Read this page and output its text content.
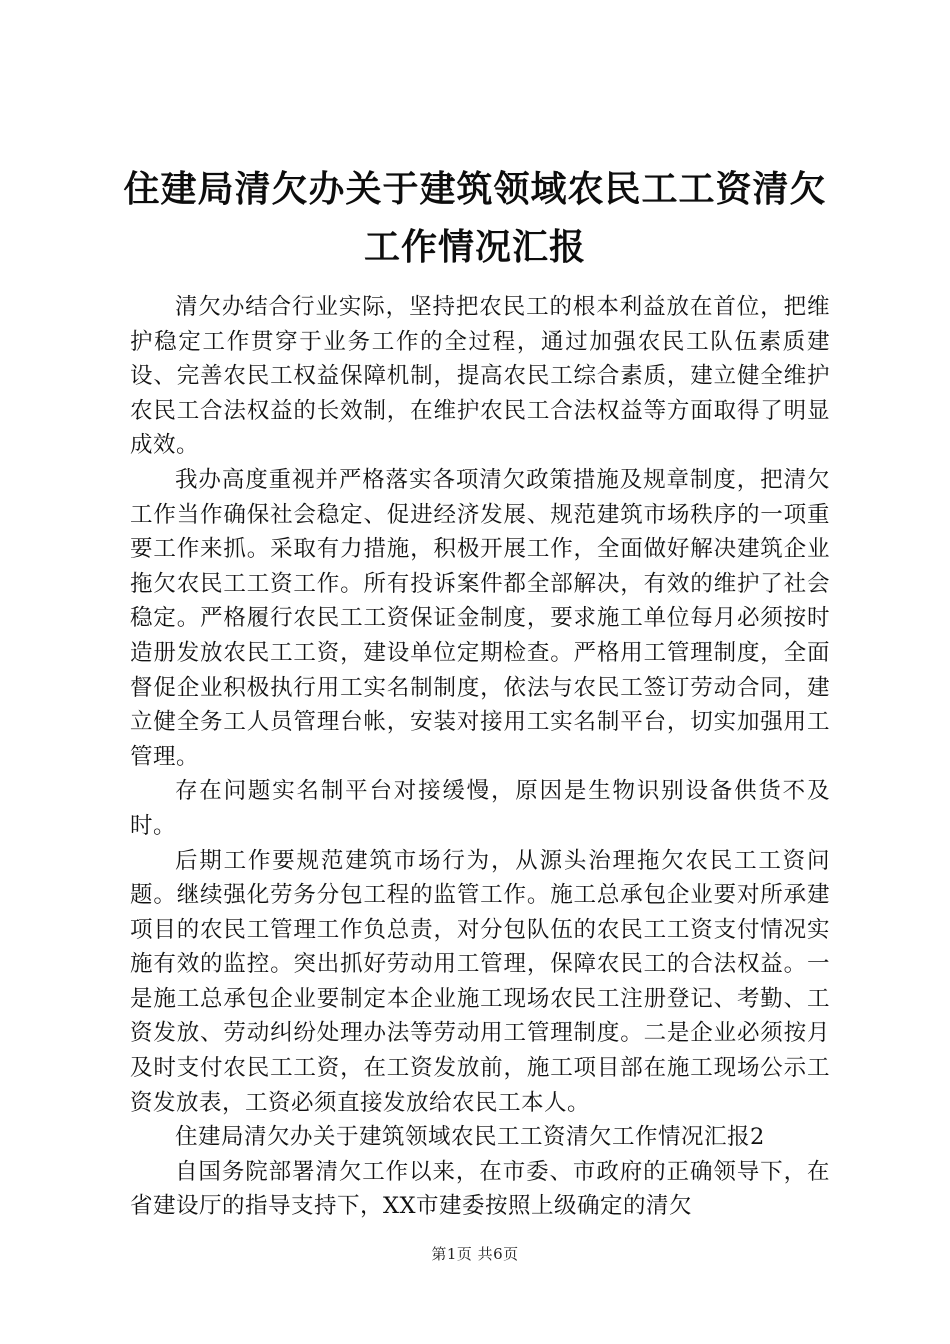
住建局清欠办关于建筑领域农民工工资清欠工作情况汇报

清欠办结合行业实际，坚持把农民工的根本利益放在首位，把维护稳定工作贯穿于业务工作的全过程，通过加强农民工队伍素质建设、完善农民工权益保障机制，提高农民工综合素质，建立健全维护农民工合法权益的长效制，在维护农民工合法权益等方面取得了明显成效。

我办高度重视并严格落实各项清欠政策措施及规章制度，把清欠工作当作确保社会稳定、促进经济发展、规范建筑市场秩序的一项重要工作来抓。采取有力措施，积极开展工作，全面做好解决建筑企业拖欠农民工工资工作。所有投诉案件都全部解决，有效的维护了社会稳定。严格履行农民工工资保证金制度，要求施工单位每月必须按时造册发放农民工工资，建设单位定期检查。严格用工管理制度，全面督促企业积极执行用工实名制制度，依法与农民工签订劳动合同，建立健全务工人员管理台帐，安装对接用工实名制平台，切实加强用工管理。

存在问题实名制平台对接缓慢，原因是生物识别设备供货不及时。

后期工作要规范建筑市场行为，从源头治理拖欠农民工工资问题。继续强化劳务分包工程的监管工作。施工总承包企业要对所承建项目的农民工管理工作负总责，对分包队伍的农民工工资支付情况实施有效的监控。突出抓好劳动用工管理，保障农民工的合法权益。一是施工总承包企业要制定本企业施工现场农民工注册登记、考勤、工资发放、劳动纠纷处理办法等劳动用工管理制度。二是企业必须按月及时支付农民工工资，在工资发放前，施工项目部在施工现场公示工资发放表，工资必须直接发放给农民工本人。

住建局清欠办关于建筑领域农民工工资清欠工作情况汇报2

自国务院部署清欠工作以来，在市委、市政府的正确领导下，在省建设厅的指导支持下，XX市建委按照上级确定的清欠

第1页 共6页
